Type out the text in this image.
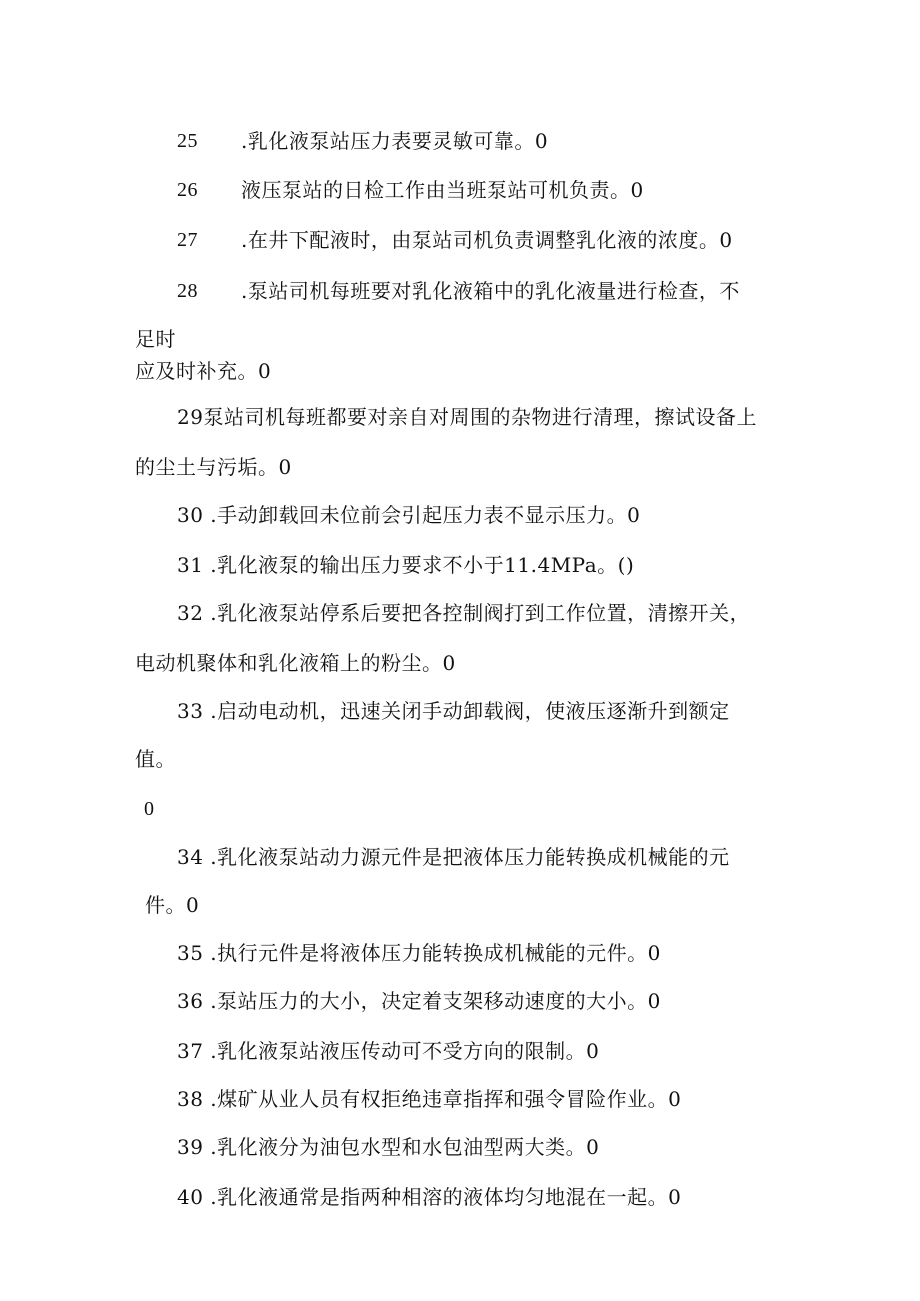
25 .乳化液泵站压力表要灵敏可靠。0
26 液压泵站的日检工作由当班泵站可机负责。0
27 .在井下配液时，由泵站司机负责调整乳化液的浓度。0
28 .泵站司机每班要对乳化液箱中的乳化液量进行检查，不
足时
应及时补充。0
29泵站司机每班都要对亲自对周围的杂物进行清理，擦试设备上
的尘土与污垢。0
30 .手动卸载回未位前会引起压力表不显示压力。0
31 .乳化液泵的输出压力要求不小于11.4MPa。()
32 .乳化液泵站停系后要把各控制阀打到工作位置，清擦开关，
电动机聚体和乳化液箱上的粉尘。0
33 .启动电动机，迅速关闭手动卸载阀，使液压逐渐升到额定
值。
0
34 .乳化液泵站动力源元件是把液体压力能转换成机械能的元
件。0
35 .执行元件是将液体压力能转换成机械能的元件。0
36 .泵站压力的大小，决定着支架移动速度的大小。0
37 .乳化液泵站液压传动可不受方向的限制。0
38 .煤矿从业人员有权拒绝违章指挥和强令冒险作业。0
39 .乳化液分为油包水型和水包油型两大类。0
40 .乳化液通常是指两种相溶的液体均匀地混在一起。0
